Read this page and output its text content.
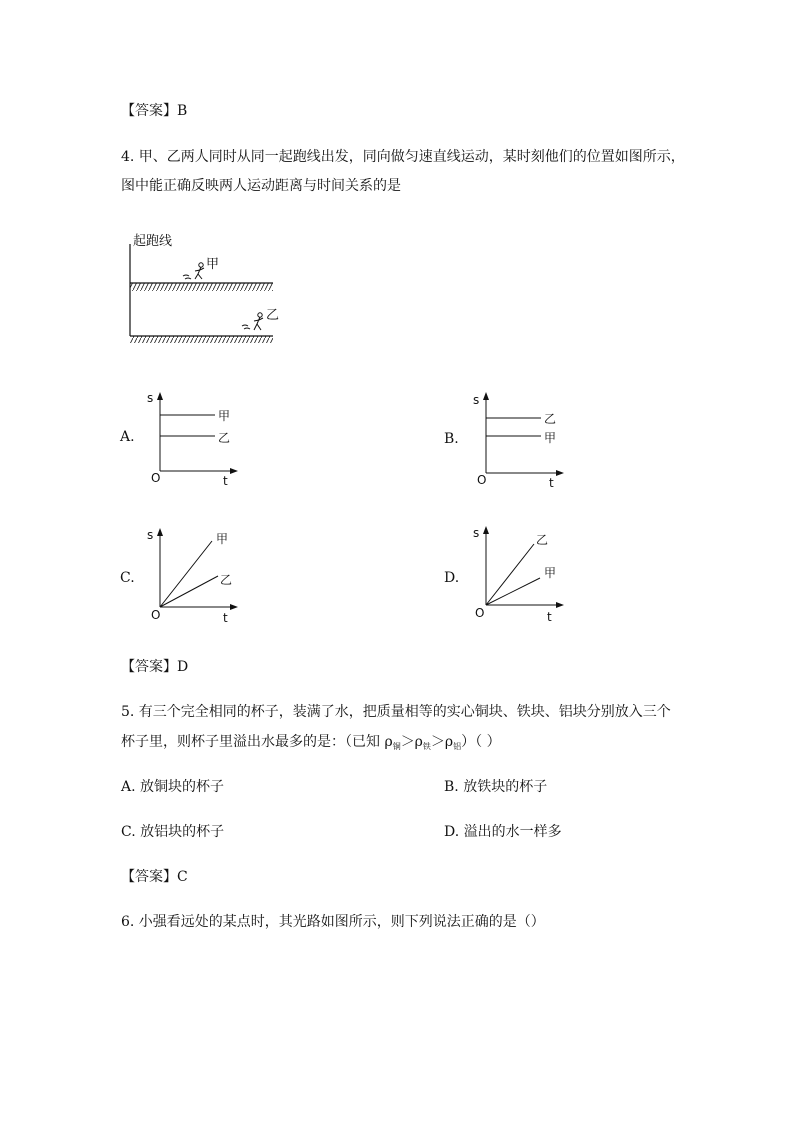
【答案】B
4. 甲、乙两人同时从同一起跑线出发，同向做匀速直线运动，某时刻他们的位置如图所示，
图中能正确反映两人运动距离与时间关系的是
起跑线
甲
乙
A.
s
O	t
甲
乙	B.
s
O	t
乙
甲
C.
s
O	t
甲
乙	D.
s
O	t
乙
甲
【答案】D
5. 有三个完全相同的杯子，装满了水，把质量相等的实心铜块、铁块、铝块分别放入三个
杯子里，则杯子里溢出水最多的是：（已知 $\rho_铜>\rho_铁>\rho_铝$）（ ）
A. 放铜块的杯子	B. 放铁块的杯子
C. 放铝块的杯子	D. 溢出的水一样多
【答案】C
6. 小强看远处的某点时，其光路如图所示，则下列说法正确的是（）
